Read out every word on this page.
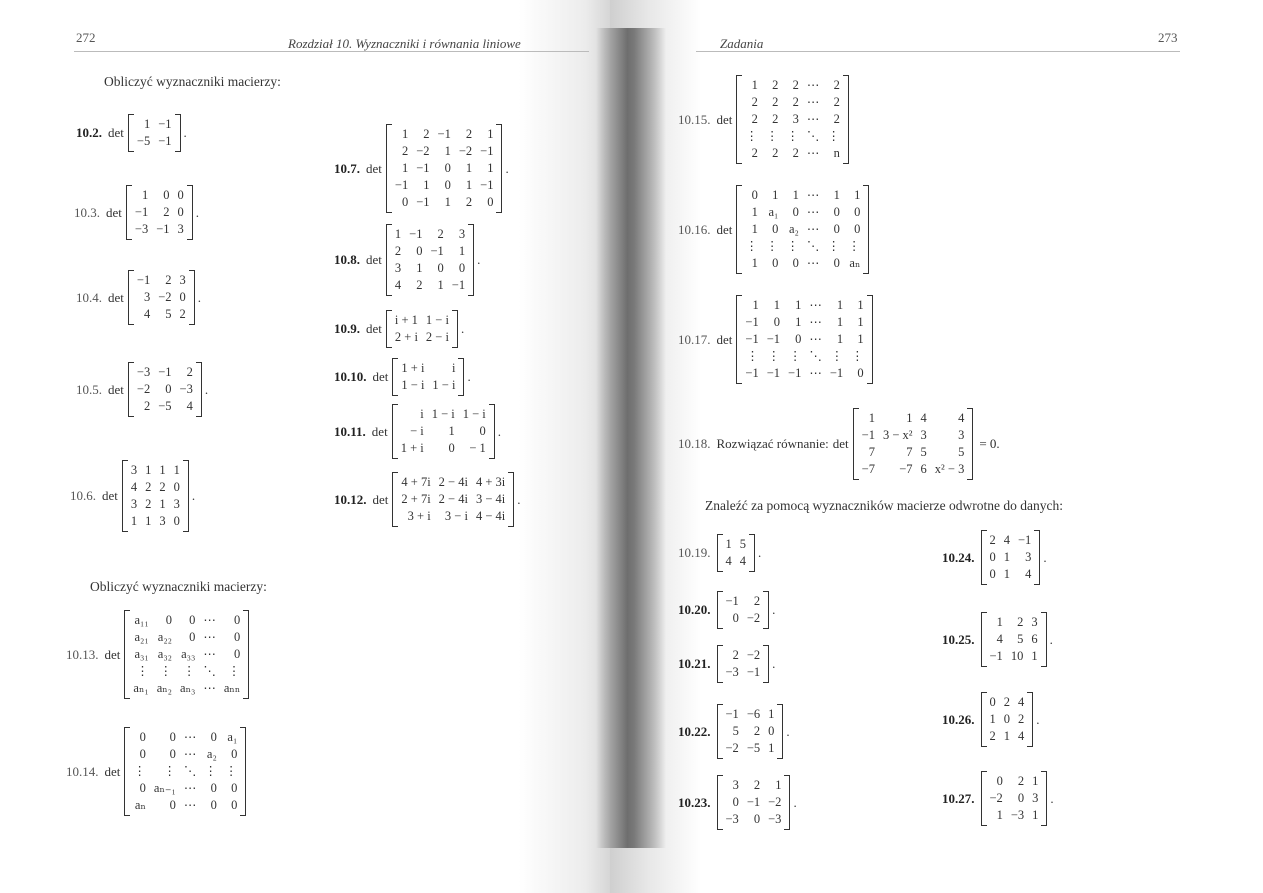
272	Rozdział 10. Wyznaczniki i równania liniowe
Obliczyć wyznaczniki macierzy:
Obliczyć wyznaczniki macierzy:
273
Zadania
Znaleźć za pomocą wyznaczników macierze odwrotne do danych:
10.2. det
1	−1
−5	−1
.
10.3. det
1	0	0
−1	2	0
−3	−1	3
.
10.4. det
−1	2	3
3	−2	0
4	5	2
.
10.5. det
−3	−1	2
−2	0	−3
2	−5	4
.
10.6. det
3	1	1	1
4	2	2	0
3	2	1	3
1	1	3	0
.
10.7. det
1	2	−1	2	1
2	−2	1	−2	−1
1	−1	0	1	1
−1	1	0	1	−1
0	−1	1	2	0
.
10.8. det
1	−1	2	3
2	0	−1	1
3	1	0	0
4	2	1	−1
.
10.9. det
i + 1	1 − i
2 + i	2 − i
.
10.10. det
1 + i	i
1 − i	1 − i
.
10.11. det
i	1 − i	1 − i
− i	1	0
1 + i	0	− 1
.
10.12. det
4 + 7i	2 − 4i	4 + 3i
2 + 7i	2 − 4i	3 − 4i
3 + i	3 − i	4 − 4i
.
10.13. det
a₁₁	0	0	⋯	0
a₂₁	a₂₂	0	⋯	0
a₃₁	a₃₂	a₃₃	⋯	0
⋮	⋮	⋮	⋱	⋮
aₙ₁	aₙ₂	aₙ₃	⋯	aₙₙ
10.14. det
0	0	⋯	0	a₁
0	0	⋯	a₂	0
⋮	⋮	⋱	⋮	⋮
0	aₙ₋₁	⋯	0	0
aₙ	0	⋯	0	0
10.15. det
1	2	2	⋯	2
2	2	2	⋯	2
2	2	3	⋯	2
⋮	⋮	⋮	⋱	⋮
2	2	2	⋯	n
10.16. det
0	1	1	⋯	1	1
1	a₁	0	⋯	0	0
1	0	a₂	⋯	0	0
⋮	⋮	⋮	⋱	⋮	⋮
1	0	0	⋯	0	aₙ
10.17. det
1	1	1	⋯	1	1
−1	0	1	⋯	1	1
−1	−1	0	⋯	1	1
⋮	⋮	⋮	⋱	⋮	⋮
−1	−1	−1	⋯	−1	0
10.18. Rozwiązać równanie: det
1	1	4	4
−1	3 − x²	3	3
7	7	5	5
−7	−7	6	x² − 3
= 0.
10.19.
1	5
4	4
.
10.20.
−1	2
0	−2
.
10.21.
2	−2
−3	−1
.
10.22.
−1	−6	1
5	2	0
−2	−5	1
.
10.23.
3	2	1
0	−1	−2
−3	0	−3
.
10.24.
2	4	−1
0	1	3
0	1	4
.
10.25.
1	2	3
4	5	6
−1	10	1
.
10.26.
0	2	4
1	0	2
2	1	4
.
10.27.
0	2	1
−2	0	3
1	−3	1
.
